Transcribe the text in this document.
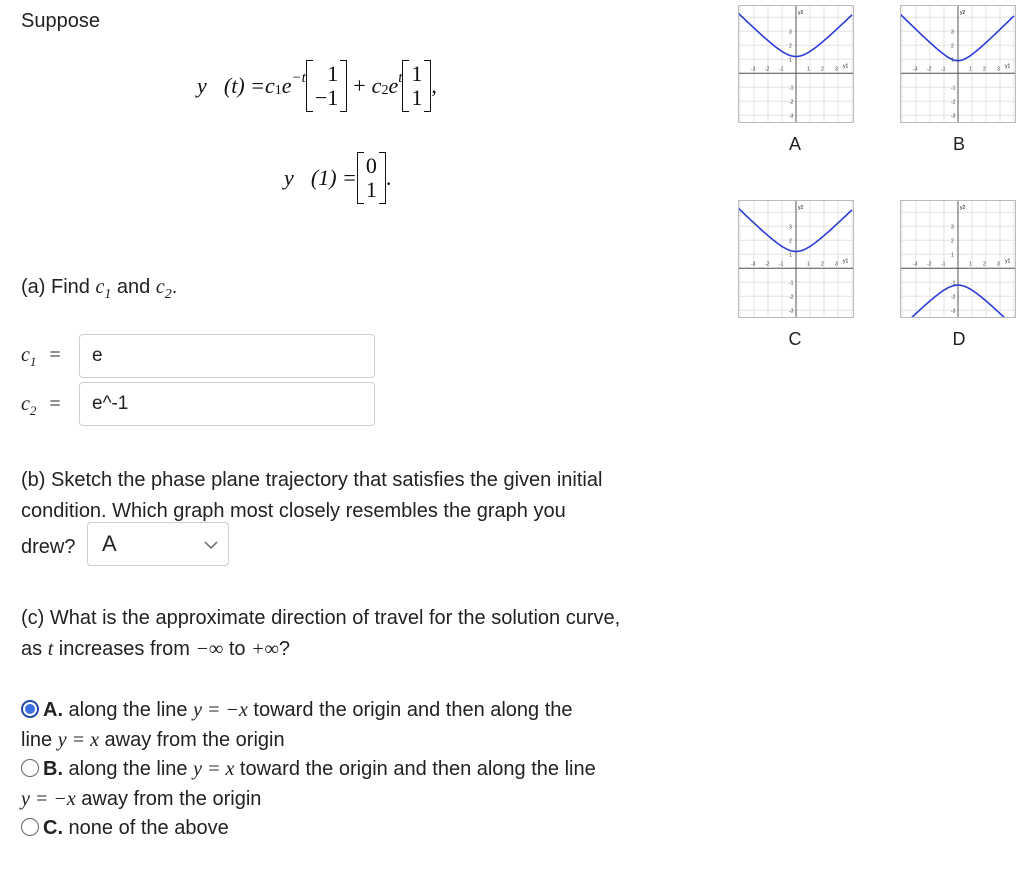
Suppose
y⃗(t) = c 1 $e^{-t}$ 1
−1 + c 2 $e^t$ 1
1 ,
y⃗(1) = 0
1 .
(a) Find $c_1$ and $c_2$.
$c_1 = e$
$c_2$ = e^-1
(b) Sketch the phase plane trajectory that satisfies the given initial
condition. Which graph most closely resembles the graph you
drew?	A
(c) What is the approximate direction of travel for the solution curve,
as t increases from −∞ to +∞?
A. along the line y = −x toward the origin and then along the
line y = x away from the origin
B. along the line y = x toward the origin and then along the line
y = −x away from the origin
C. none of the above
-3
-3
-2
-2
-1
-1
1
1
2
2
3
3
y2
y1
A
-3
-3
-2
-2
-1
-1
1
1
2
2
3
3
y2
y1
B
-3
-3
-2
-2
-1
-1
1
1
2
2
3
3
y2
y1
C
-3
-3
-2
-2
-1
-1
1
1
2
2
3
3
y2
y1
D
